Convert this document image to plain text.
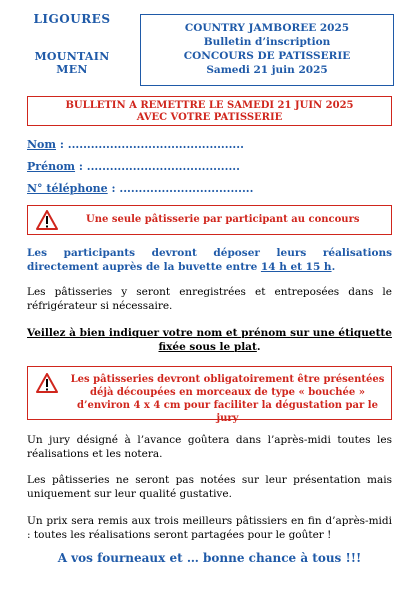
LIGOURES
MOUNTAIN MEN
COUNTRY JAMBOREE 2025
Bulletin d’inscription
CONCOURS DE PATISSERIE
Samedi 21 juin 2025
BULLETIN A REMETTRE LE SAMEDI 21 JUIN 2025
AVEC VOTRE PATISSERIE
Nom : ..............................................
Prénom : ........................................
N° téléphone : ...................................
Une seule pâtisserie par participant au concours
Les participants devront déposer leurs réalisations directement auprès de la buvette entre 14 h et 15 h.
Les pâtisseries y seront enregistrées et entreposées dans le réfrigérateur si nécessaire.
Veillez à bien indiquer votre nom et prénom sur une étiquette
fixée sous le plat.
Les pâtisseries devront obligatoirement être présentées
déjà découpées en morceaux de type « bouchée »
d’environ 4 x 4 cm pour faciliter la dégustation par le jury
Un jury désigné à l’avance goûtera dans l’après-midi toutes les réalisations et les notera.
Les pâtisseries ne seront pas notées sur leur présentation mais uniquement sur leur qualité gustative.
Un prix sera remis aux trois meilleurs pâtissiers en fin d’après-midi : toutes les réalisations seront partagées pour le goûter !
A vos fourneaux et … bonne chance à tous !!!
